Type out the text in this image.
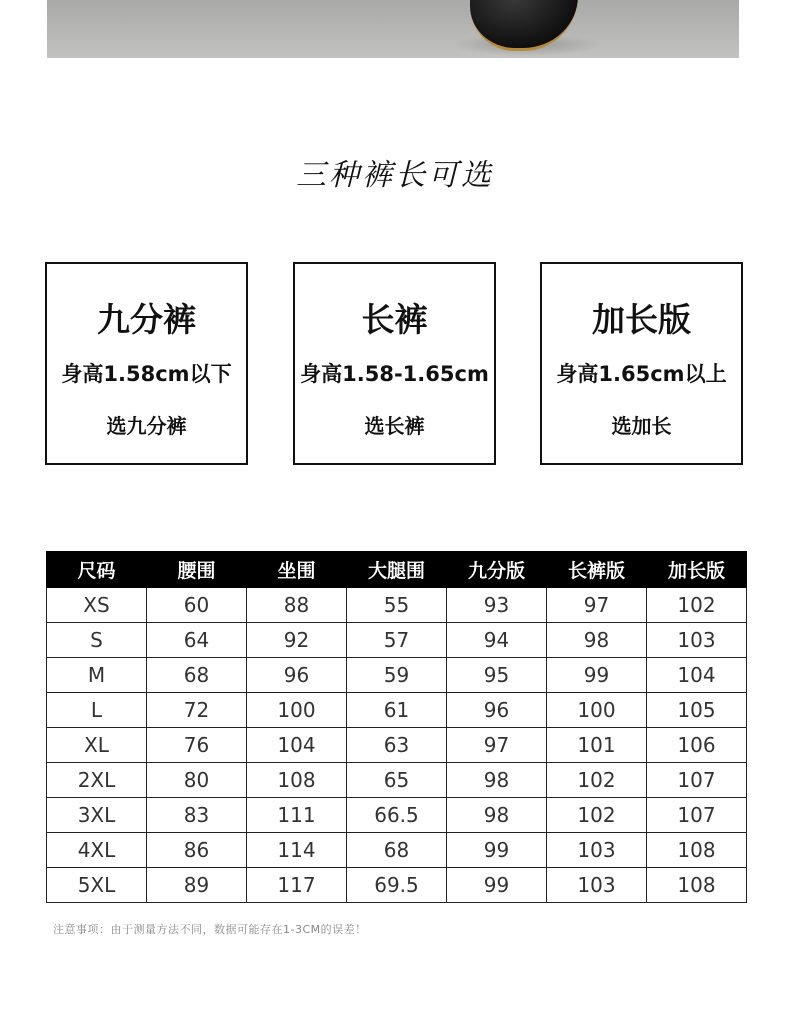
三种裤长可选
九分裤
身高1.58cm以下
选九分裤
长裤
身高1.58-1.65cm
选长裤
加长版
身高1.65cm以上
选加长
尺码	腰围	坐围	大腿围	九分版	长裤版	加长版
XS	60	88	55	93	97	102
S	64	92	57	94	98	103
M	68	96	59	95	99	104
L	72	100	61	96	100	105
XL	76	104	63	97	101	106
2XL	80	108	65	98	102	107
3XL	83	111	66.5	98	102	107
4XL	86	114	68	99	103	108
5XL	89	117	69.5	99	103	108
注意事项：由于测量方法不同，数据可能存在1-3CM的误差！
